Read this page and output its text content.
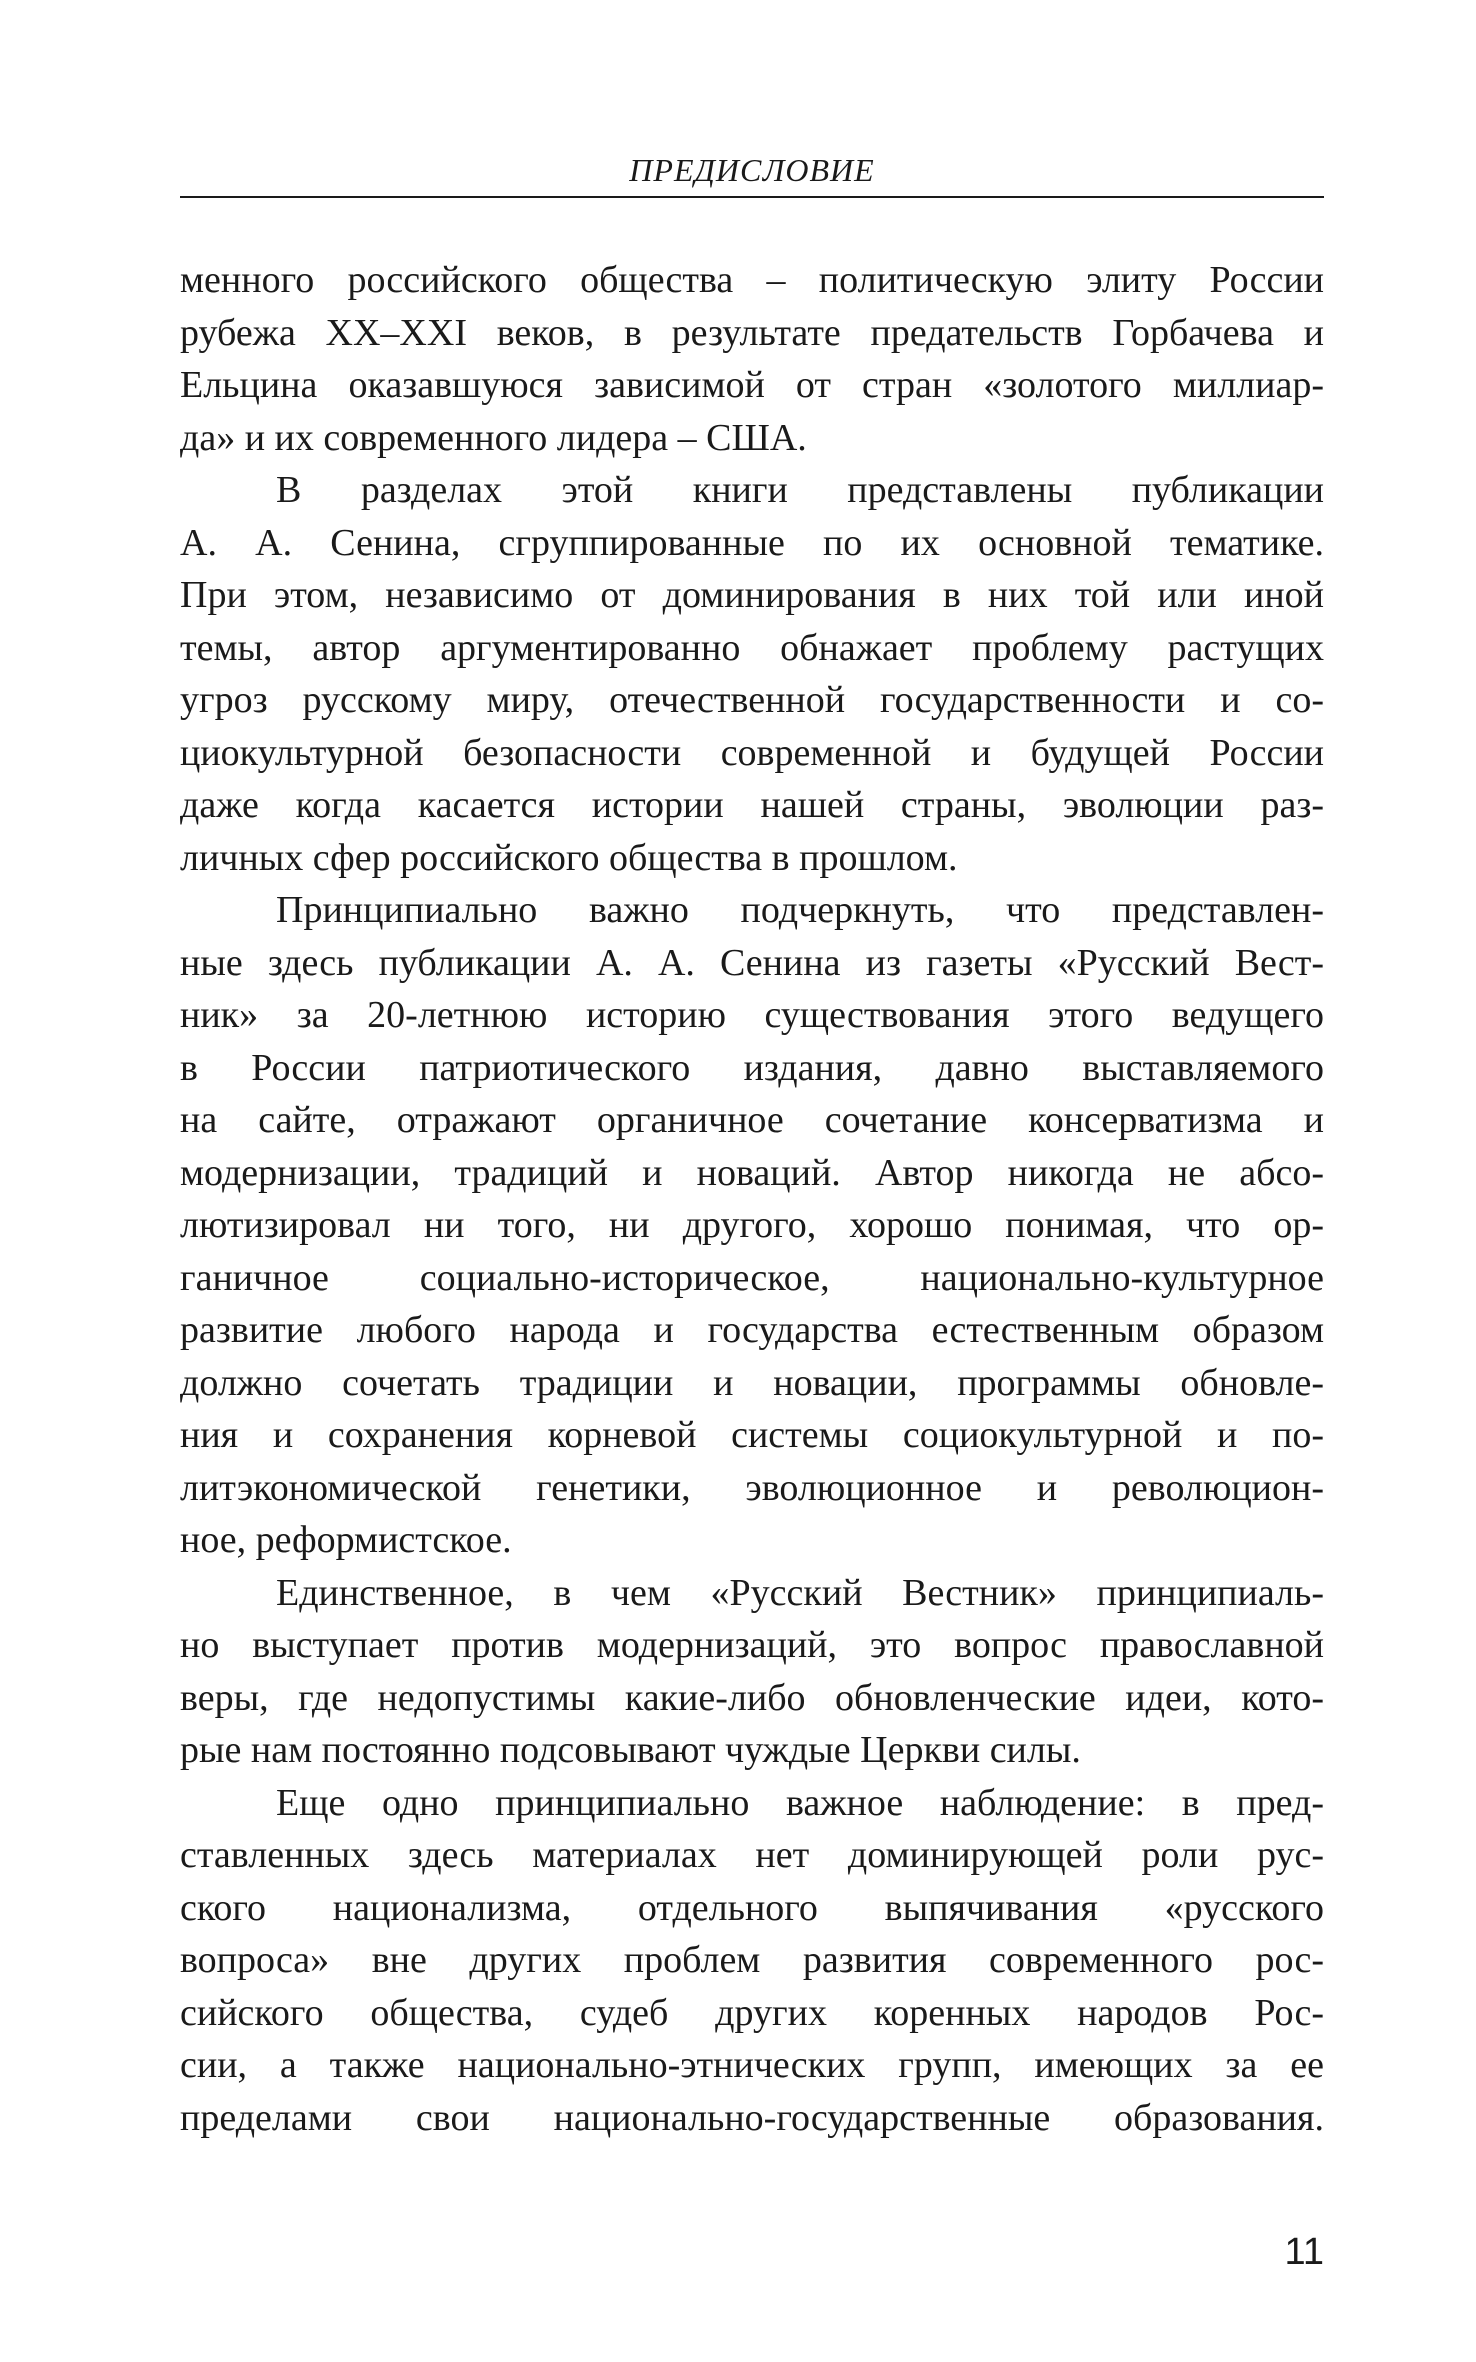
ПРЕДИСЛОВИЕ
менного российского общества – политическую элиту России
рубежа XX–XXI веков, в результате предательств Горбачева и
Ельцина оказавшуюся зависимой от стран «золотого миллиар-
да» и их современного лидера – США.
В разделах этой книги представлены публикации
А. А. Сенина, сгруппированные по их основной тематике.
При этом, независимо от доминирования в них той или иной
темы, автор аргументированно обнажает проблему растущих
угроз русскому миру, отечественной государственности и со-
циокультурной безопасности современной и будущей России
даже когда касается истории нашей страны, эволюции раз-
личных сфер российского общества в прошлом.
Принципиально важно подчеркнуть, что представлен-
ные здесь публикации А. А. Сенина из газеты «Русский Вест-
ник» за 20-летнюю историю существования этого ведущего
в России патриотического издания, давно выставляемого
на сайте, отражают органичное сочетание консерватизма и
модернизации, традиций и новаций. Автор никогда не абсо-
лютизировал ни того, ни другого, хорошо понимая, что ор-
ганичное социально-историческое, национально-культурное
развитие любого народа и государства естественным образом
должно сочетать традиции и новации, программы обновле-
ния и сохранения корневой системы социокультурной и по-
литэкономической генетики, эволюционное и революцион-
ное, реформистское.
Единственное, в чем «Русский Вестник» принципиаль-
но выступает против модернизаций, это вопрос православной
веры, где недопустимы какие-либо обновленческие идеи, кото-
рые нам постоянно подсовывают чуждые Церкви силы.
Еще одно принципиально важное наблюдение: в пред-
ставленных здесь материалах нет доминирующей роли рус-
ского национализма, отдельного выпячивания «русского
вопроса» вне других проблем развития современного рос-
сийского общества, судеб других коренных народов Рос-
сии, а также национально-этнических групп, имеющих за ее
пределами свои национально-государственные образования.
11
